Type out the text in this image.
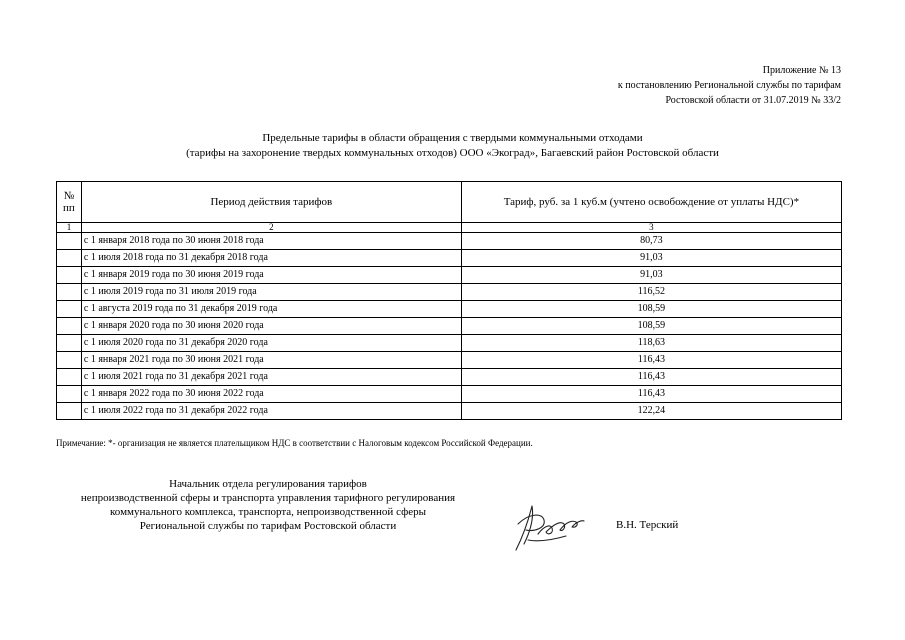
Приложение № 13
к постановлению Региональной службы по тарифам
Ростовской области от 31.07.2019 № 33/2
Предельные тарифы в области обращения с твердыми коммунальными отходами
(тарифы на захоронение твердых коммунальных отходов) ООО «Экоград», Багаевский район Ростовской области
№ пп	Период действия тарифов	Тариф, руб. за 1 куб.м (учтено освобождение от уплаты НДС)*
1	2	3
	с 1 января 2018 года по 30 июня 2018 года	80,73
	с 1 июля 2018 года по 31 декабря 2018 года	91,03
	с 1 января 2019 года по 30 июня 2019 года	91,03
	с 1 июля 2019 года по 31 июля 2019 года	116,52
	с 1 августа 2019 года по 31 декабря 2019 года	108,59
	с 1 января 2020 года по 30 июня 2020 года	108,59
	с 1 июля 2020 года по 31 декабря 2020 года	118,63
	с 1 января 2021 года по 30 июня 2021 года	116,43
	с 1 июля 2021 года по 31 декабря 2021 года	116,43
	с 1 января 2022 года по 30 июня 2022 года	116,43
	с 1 июля 2022 года по 31 декабря 2022 года	122,24
Примечание: *- организация не является плательщиком НДС в соответствии с Налоговым кодексом Российской Федерации.
Начальник отдела регулирования тарифов
непроизводственной сферы и транспорта управления тарифного регулирования
коммунального комплекса, транспорта, непроизводственной сферы
Региональной службы по тарифам Ростовской области	В.Н. Терский
